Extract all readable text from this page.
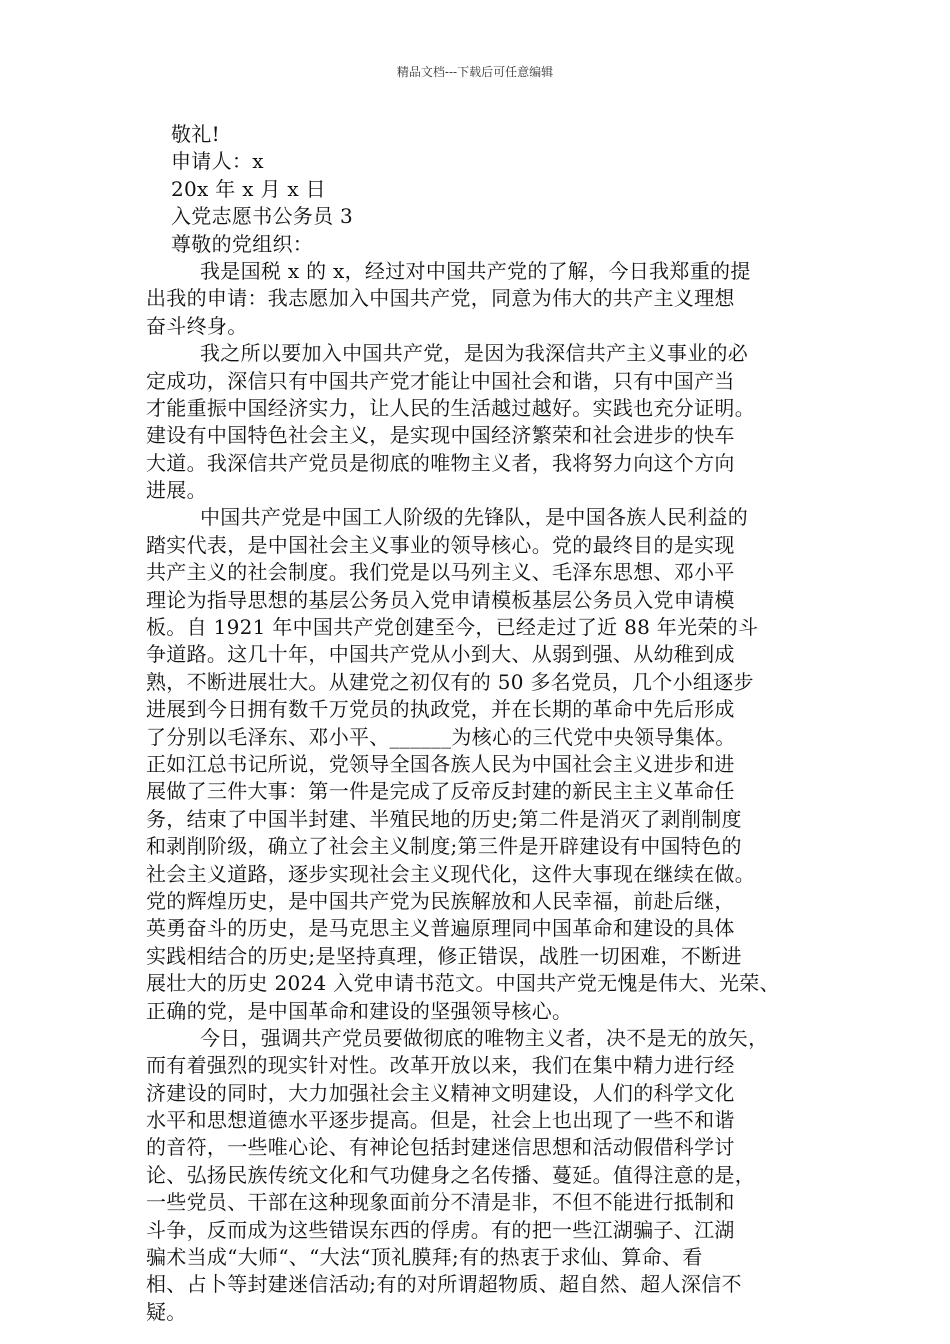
精品文档---下载后可任意编辑
敬礼!
申请人：x
20x 年 x 月 x 日
入党志愿书公务员 3
尊敬的党组织：
我是国税 x 的 x，经过对中国共产党的了解，今日我郑重的提
出我的申请：我志愿加入中国共产党，同意为伟大的共产主义理想
奋斗终身。
我之所以要加入中国共产党，是因为我深信共产主义事业的必
定成功，深信只有中国共产党才能让中国社会和谐，只有中国产当
才能重振中国经济实力，让人民的生活越过越好。实践也充分证明。
建设有中国特色社会主义，是实现中国经济繁荣和社会进步的快车
大道。我深信共产党员是彻底的唯物主义者，我将努力向这个方向
进展。
中国共产党是中国工人阶级的先锋队，是中国各族人民利益的
踏实代表，是中国社会主义事业的领导核心。党的最终目的是实现
共产主义的社会制度。我们党是以马列主义、毛泽东思想、邓小平
理论为指导思想的基层公务员入党申请模板基层公务员入党申请模
板。自 1921 年中国共产党创建至今，已经走过了近 88 年光荣的斗
争道路。这几十年，中国共产党从小到大、从弱到强、从幼稚到成
熟，不断进展壮大。从建党之初仅有的 50 多名党员，几个小组逐步
进展到今日拥有数千万党员的执政党，并在长期的革命中先后形成
了分别以毛泽东、邓小平、______为核心的三代党中央领导集体。
正如江总书记所说，党领导全国各族人民为中国社会主义进步和进
展做了三件大事：第一件是完成了反帝反封建的新民主主义革命任
务，结束了中国半封建、半殖民地的历史;第二件是消灭了剥削制度
和剥削阶级，确立了社会主义制度;第三件是开辟建设有中国特色的
社会主义道路，逐步实现社会主义现代化，这件大事现在继续在做。
党的辉煌历史，是中国共产党为民族解放和人民幸福，前赴后继，
英勇奋斗的历史，是马克思主义普遍原理同中国革命和建设的具体
实践相结合的历史;是坚持真理，修正错误，战胜一切困难，不断进
展壮大的历史 2024 入党申请书范文。中国共产党无愧是伟大、光荣、
正确的党，是中国革命和建设的坚强领导核心。
今日，强调共产党员要做彻底的唯物主义者，决不是无的放矢，
而有着强烈的现实针对性。改革开放以来，我们在集中精力进行经
济建设的同时，大力加强社会主义精神文明建设，人们的科学文化
水平和思想道德水平逐步提高。但是，社会上也出现了一些不和谐
的音符，一些唯心论、有神论包括封建迷信思想和活动假借科学讨
论、弘扬民族传统文化和气功健身之名传播、蔓延。值得注意的是，
一些党员、干部在这种现象面前分不清是非，不但不能进行抵制和
斗争，反而成为这些错误东西的俘虏。有的把一些江湖骗子、江湖
骗术当成“大师“、“大法“顶礼膜拜;有的热衷于求仙、算命、看
相、占卜等封建迷信活动;有的对所谓超物质、超自然、超人深信不
疑。
